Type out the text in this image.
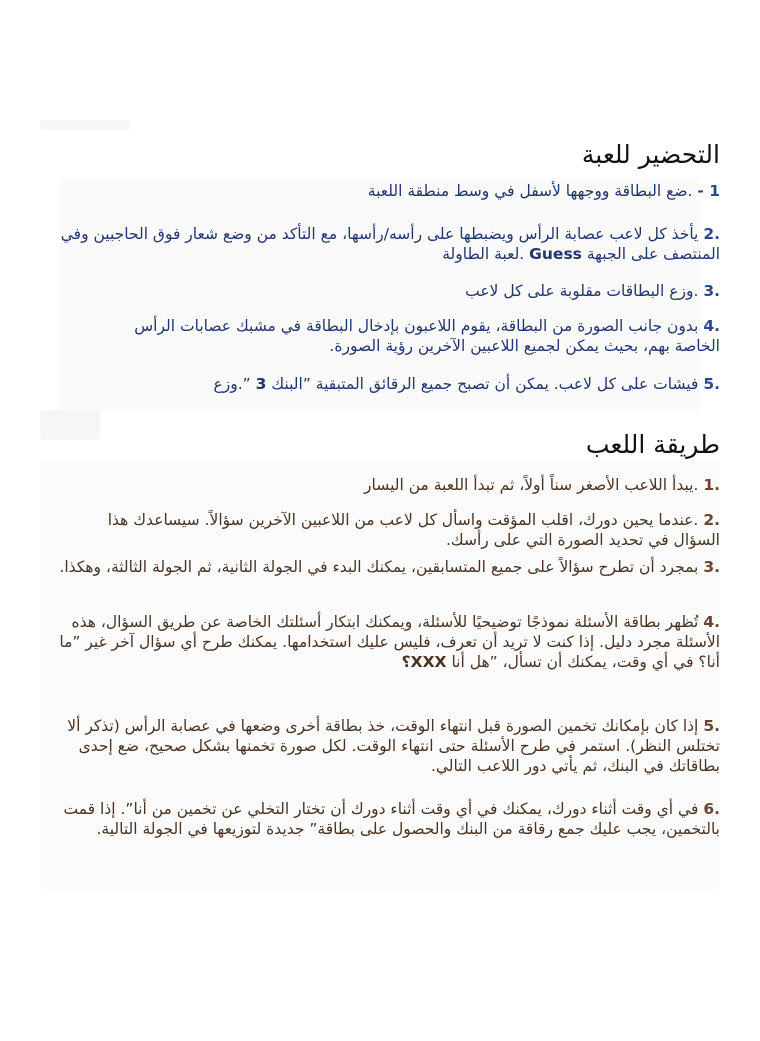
التحضير للعبة

1 - .ضع البطاقة ووجهها لأسفل في وسط منطقة اللعبة

.2 يأخذ كل لاعب عصابة الرأس ويضبطها على رأسه/رأسها، مع التأكد من وضع شعار فوق الحاجبين وفي المنتصف على الجبهة Guess .لعبة الطاولة

.3 .وزع البطاقات مقلوبة على كل لاعب

.4 بدون جانب الصورة من البطاقة، يقوم اللاعبون بإدخال البطاقة في مشبك عصابات الرأس الخاصة بهم، بحيث يمكن لجميع اللاعبين الآخرين رؤية الصورة.

.5 فيشات على كل لاعب. يمكن أن تصبح جميع الرقائق المتبقية ”البنك 3 ”.وزع

طريقة اللعب

.1 .يبدأ اللاعب الأصغر سناً أولاً، ثم تبدأ اللعبة من اليسار

.2 .عندما يحين دورك، اقلب المؤقت واسأل كل لاعب من اللاعبين الآخرين سؤالاً. سيساعدك هذا السؤال في تحديد الصورة التي على رأسك.

.3 بمجرد أن تطرح سؤالاً على جميع المتسابقين، يمكنك البدء في الجولة الثانية، ثم الجولة الثالثة، وهكذا.

.4 تُظهر بطاقة الأسئلة نموذجًا توضيحيًا للأسئلة، ويمكنك ابتكار أسئلتك الخاصة عن طريق السؤال، هذه الأسئلة مجرد دليل. إذا كنت لا تريد أن تعرف، فليس عليك استخدامها. يمكنك طرح أي سؤال آخر غير ”ما أنا؟ في أي وقت، يمكنك أن تسأل، ”هل أنا XXX؟

.5 إذا كان بإمكانك تخمين الصورة قبل انتهاء الوقت، خذ بطاقة أخرى وضعها في عصابة الرأس (تذكر ألا تختلس النظر). استمر في طرح الأسئلة حتى انتهاء الوقت. لكل صورة تخمنها بشكل صحيح، ضع إحدى بطاقاتك في البنك، ثم يأتي دور اللاعب التالي.

.6 في أي وقت أثناء دورك، يمكنك في أي وقت أثناء دورك أن تختار التخلي عن تخمين من أنا”. إذا قمت بالتخمين، يجب عليك جمع رقاقة من البنك والحصول على بطاقة” جديدة لتوزيعها في الجولة التالية.
